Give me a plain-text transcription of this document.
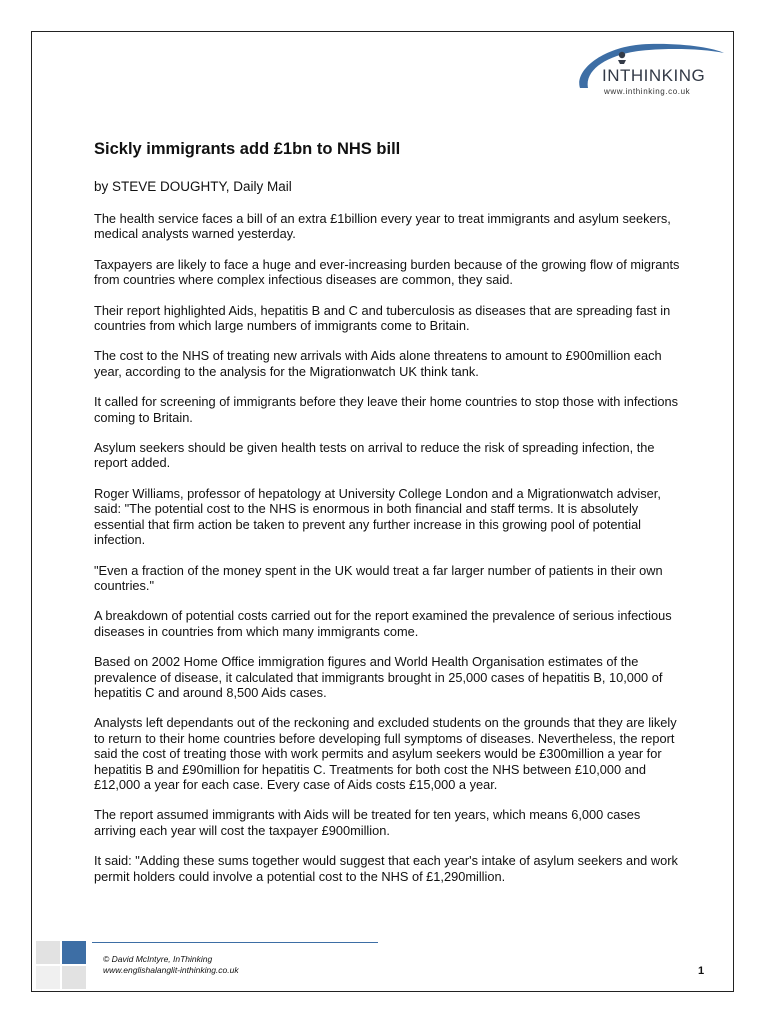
INTHINKING
www.inthinking.co.uk
Sickly immigrants add £1bn to NHS bill
by STEVE DOUGHTY, Daily Mail

The health service faces a bill of an extra £1billion every year to treat immigrants and asylum seekers, medical analysts warned yesterday.

Taxpayers are likely to face a huge and ever-increasing burden because of the growing flow of migrants from countries where complex infectious diseases are common, they said.

Their report highlighted Aids, hepatitis B and C and tuberculosis as diseases that are spreading fast in countries from which large numbers of immigrants come to Britain.

The cost to the NHS of treating new arrivals with Aids alone threatens to amount to £900million each year, according to the analysis for the Migrationwatch UK think tank.

It called for screening of immigrants before they leave their home countries to stop those with infections coming to Britain.

Asylum seekers should be given health tests on arrival to reduce the risk of spreading infection, the report added.

Roger Williams, professor of hepatology at University College London and a Migrationwatch adviser, said: "The potential cost to the NHS is enormous in both financial and staff terms. It is absolutely essential that firm action be taken to prevent any further increase in this growing pool of potential infection.

"Even a fraction of the money spent in the UK would treat a far larger number of patients in their own countries."

A breakdown of potential costs carried out for the report examined the prevalence of serious infectious diseases in countries from which many immigrants come.

Based on 2002 Home Office immigration figures and World Health Organisation estimates of the prevalence of disease, it calculated that immigrants brought in 25,000 cases of hepatitis B, 10,000 of hepatitis C and around 8,500 Aids cases.

Analysts left dependants out of the reckoning and excluded students on the grounds that they are likely to return to their home countries before developing full symptoms of diseases. Nevertheless, the report said the cost of treating those with work permits and asylum seekers would be £300million a year for hepatitis B and £90million for hepatitis C. Treatments for both cost the NHS between £10,000 and £12,000 a year for each case. Every case of Aids costs £15,000 a year.

The report assumed immigrants with Aids will be treated for ten years, which means 6,000 cases arriving each year will cost the taxpayer £900million.

It said: "Adding these sums together would suggest that each year's intake of asylum seekers and work permit holders could involve a potential cost to the NHS of £1,290million.

© David McIntyre, InThinking
www.englishalanglit-inthinking.co.uk	1
